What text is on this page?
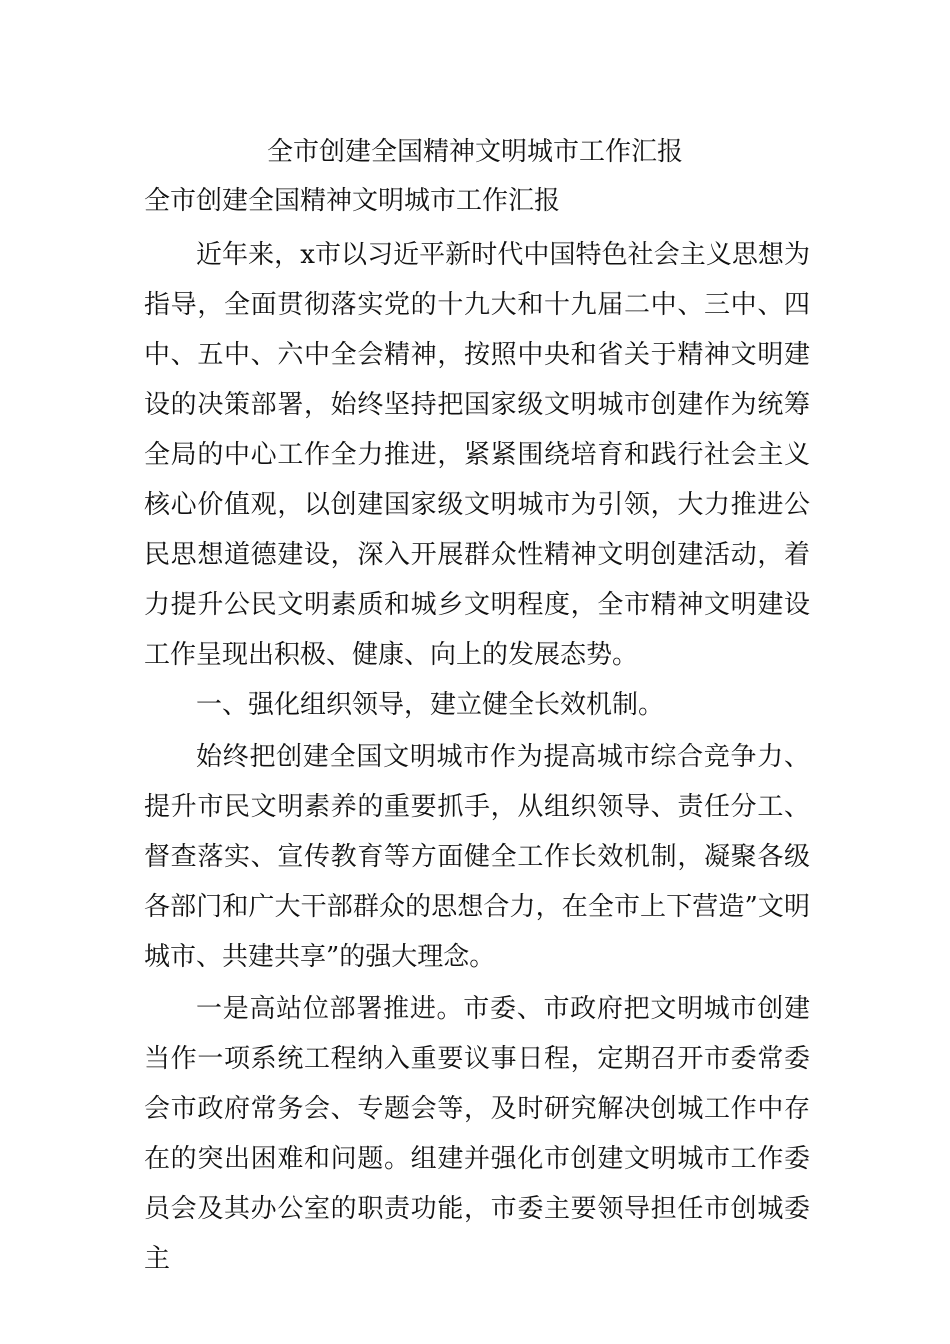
全市创建全国精神文明城市工作汇报
全市创建全国精神文明城市工作汇报

近年来，x市以习近平新时代中国特色社会主义思想为指导，全面贯彻落实党的十九大和十九届二中、三中、四中、五中、六中全会精神，按照中央和省关于精神文明建设的决策部署，始终坚持把国家级文明城市创建作为统筹全局的中心工作全力推进，紧紧围绕培育和践行社会主义核心价值观，以创建国家级文明城市为引领，大力推进公民思想道德建设，深入开展群众性精神文明创建活动，着力提升公民文明素质和城乡文明程度，全市精神文明建设工作呈现出积极、健康、向上的发展态势。

一、强化组织领导，建立健全长效机制。

始终把创建全国文明城市作为提高城市综合竞争力、提升市民文明素养的重要抓手，从组织领导、责任分工、督查落实、宣传教育等方面健全工作长效机制，凝聚各级各部门和广大干部群众的思想合力，在全市上下营造”文明城市、共建共享”的强大理念。

一是高站位部署推进。市委、市政府把文明城市创建当作一项系统工程纳入重要议事日程，定期召开市委常委会市政府常务会、专题会等，及时研究解决创城工作中存在的突出困难和问题。组建并强化市创建文明城市工作委员会及其办公室的职责功能，市委主要领导担任市创城委主
